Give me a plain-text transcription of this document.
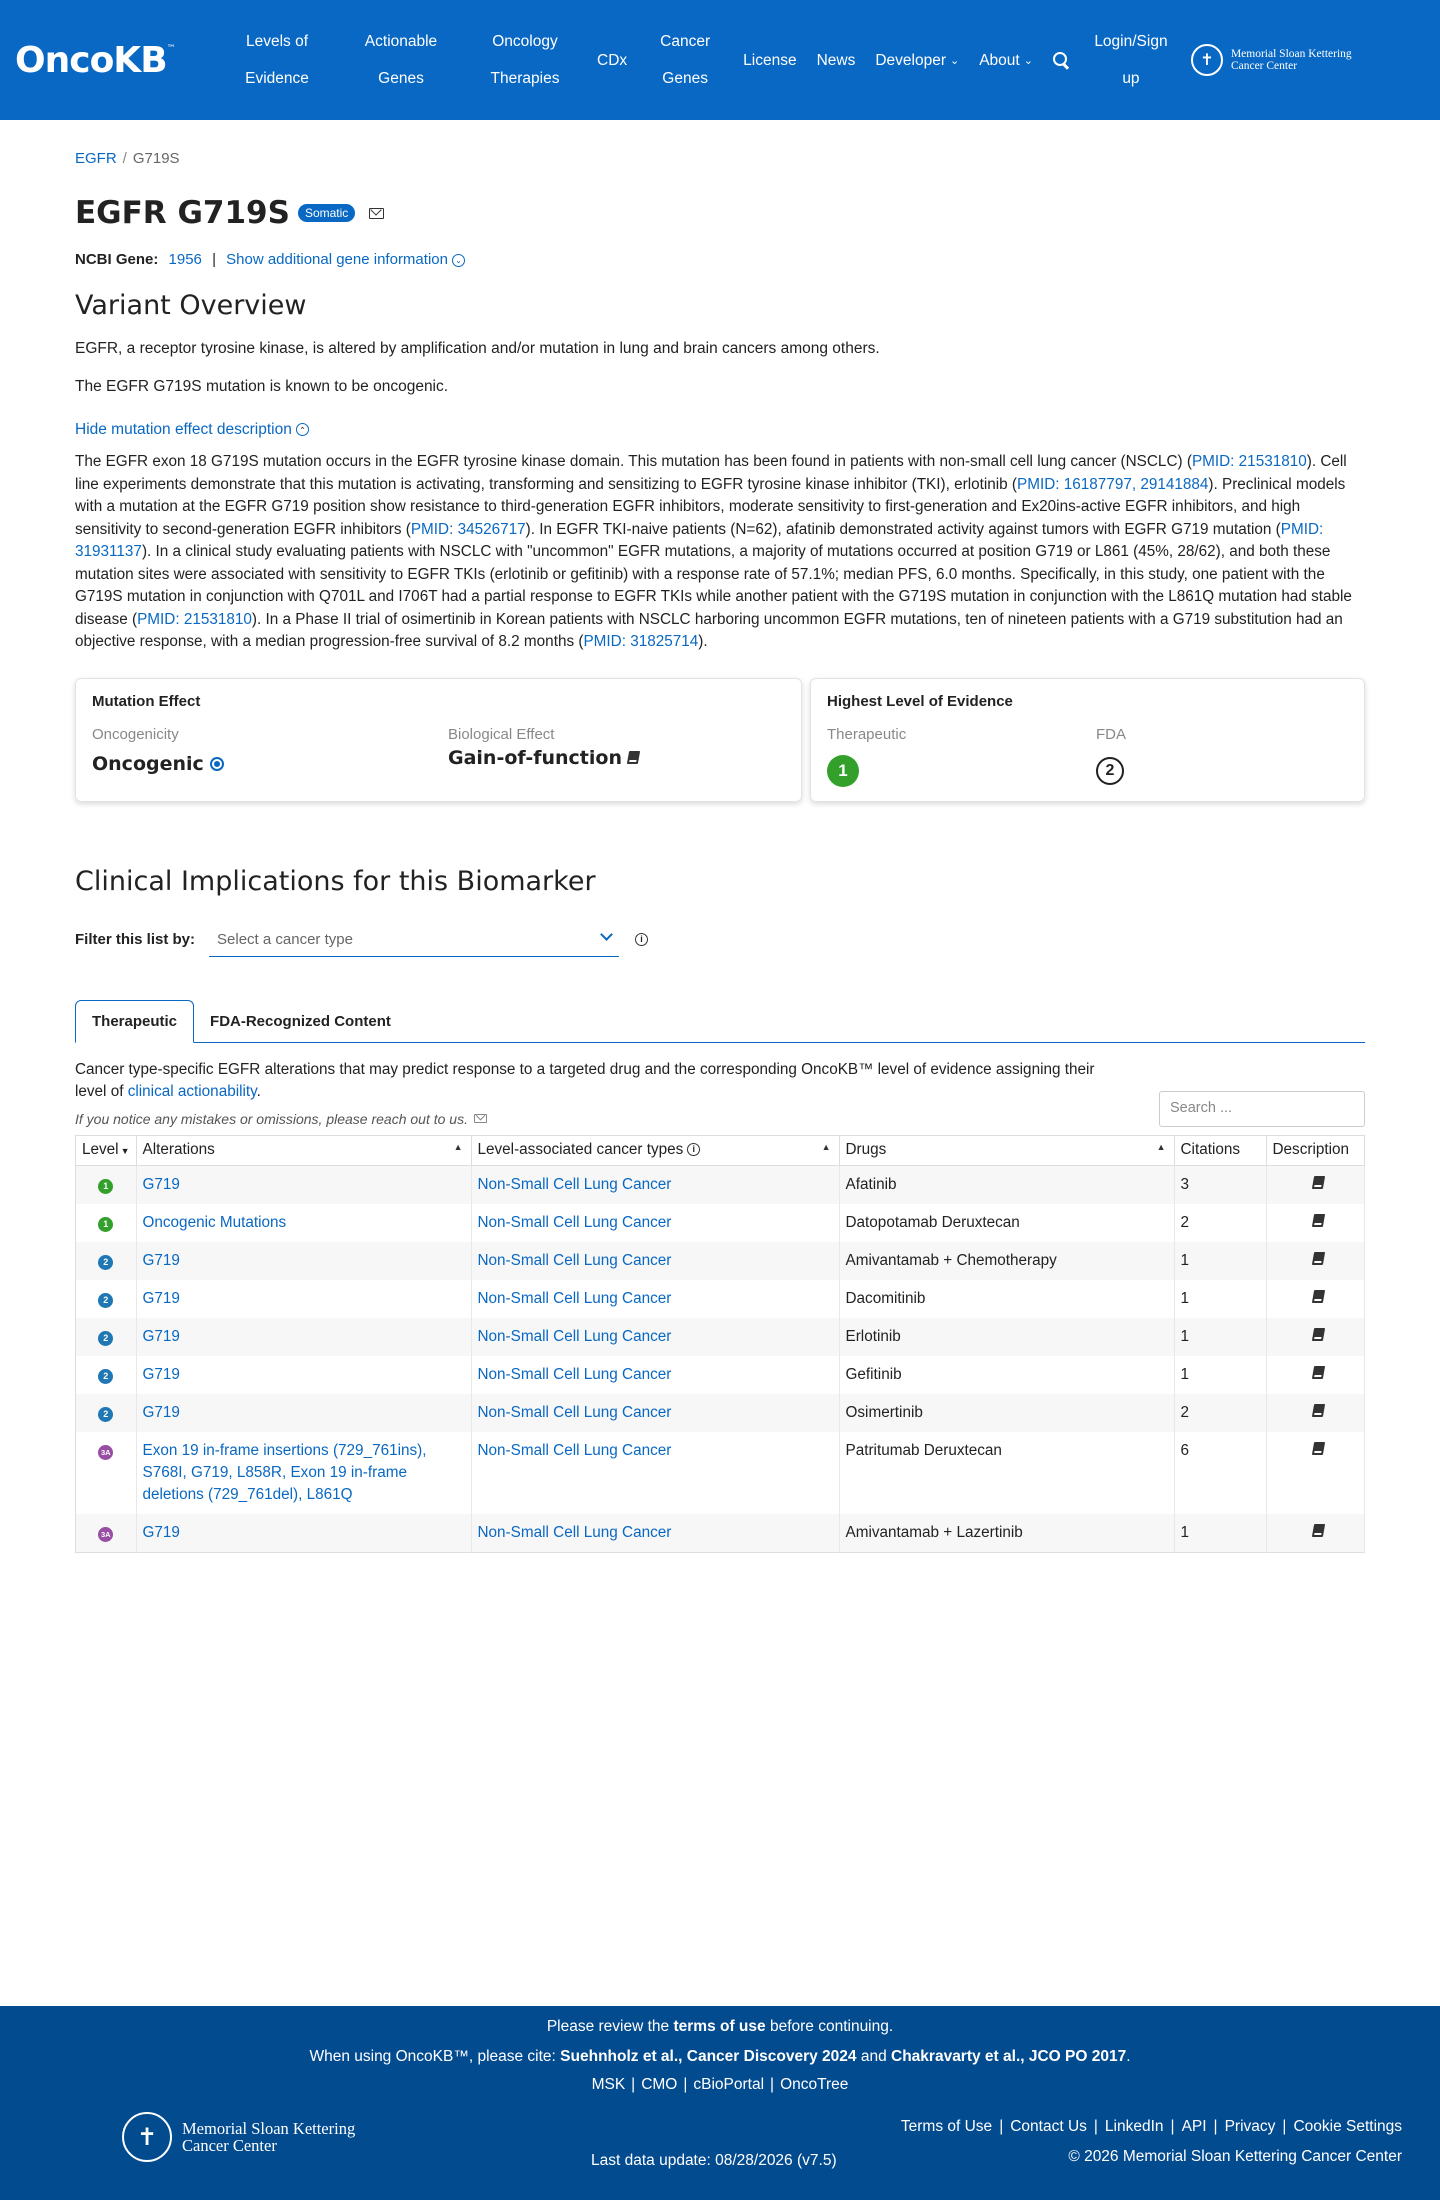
OncoKB™	Levels of
Evidence
Actionable
Genes
Oncology
Therapies
CDx
Cancer
Genes
License	News	Developer ⌄ About ⌄
Login/Sign
up
✝	Memorial Sloan Kettering
Cancer Center
EGFR / G719S
EGFR G719S	Somatic
NCBI Gene: 1956 | Show additional gene information ⌄
Variant Overview

EGFR, a receptor tyrosine kinase, is altered by amplification and/or mutation in lung and brain cancers among others.

The EGFR G719S mutation is known to be oncogenic.

Hide mutation effect description ⌄
The EGFR exon 18 G719S mutation occurs in the EGFR tyrosine kinase domain. This mutation has been found in patients with non-small cell lung cancer (NSCLC) (PMID: 21531810). Cell line experiments demonstrate that this mutation is activating, transforming and sensitizing to EGFR tyrosine kinase inhibitor (TKI), erlotinib (PMID: 16187797, 29141884). Preclinical models with a mutation at the EGFR G719 position show resistance to third-generation EGFR inhibitors, moderate sensitivity to first-generation and Ex20ins-active EGFR inhibitors, and high sensitivity to second-generation EGFR inhibitors (PMID: 34526717). In EGFR TKI-naive patients (N=62), afatinib demonstrated activity against tumors with EGFR G719 mutation (PMID: 31931137). In a clinical study evaluating patients with NSCLC with "uncommon" EGFR mutations, a majority of mutations occurred at position G719 or L861 (45%, 28/62), and both these mutation sites were associated with sensitivity to EGFR TKIs (erlotinib or gefitinib) with a response rate of 57.1%; median PFS, 6.0 months. Specifically, in this study, one patient with the G719S mutation in conjunction with Q701L and I706T had a partial response to EGFR TKIs while another patient with the G719S mutation in conjunction with the L861Q mutation had stable disease (PMID: 21531810). In a Phase II trial of osimertinib in Korean patients with NSCLC harboring uncommon EGFR mutations, ten of nineteen patients with a G719 substitution had an objective response, with a median progression-free survival of 8.2 months (PMID: 31825714).
Mutation Effect
Oncogenicity
Oncogenic
Biological Effect
Gain-of-function
Highest Level of Evidence
Therapeutic
1
FDA
2
Clinical Implications for this Biomarker
Filter this list by:	Select a cancer type	i
Therapeutic	FDA-Recognized Content
Cancer type-specific EGFR alterations that may predict response to a targeted drug and the corresponding OncoKB™ level of evidence assigning their level of clinical actionability.
If you notice any mistakes or omissions, please reach out to us.
Search ...
Level ▼	Alterations ▲	Level-associated cancer types i ▲	Drugs ▲	Citations	Description
1	G719	Non-Small Cell Lung Cancer	Afatinib	3	
1	Oncogenic Mutations	Non-Small Cell Lung Cancer	Datopotamab Deruxtecan	2	
2	G719	Non-Small Cell Lung Cancer	Amivantamab + Chemotherapy	1	
2	G719	Non-Small Cell Lung Cancer	Dacomitinib	1	
2	G719	Non-Small Cell Lung Cancer	Erlotinib	1	
2	G719	Non-Small Cell Lung Cancer	Gefitinib	1	
2	G719	Non-Small Cell Lung Cancer	Osimertinib	2	
3A	Exon 19 in-frame insertions (729_761ins), S768I, G719, L858R, Exon 19 in-frame deletions (729_761del), L861Q	Non-Small Cell Lung Cancer	Patritumab Deruxtecan	6	
3A	G719	Non-Small Cell Lung Cancer	Amivantamab + Lazertinib	1	
Please review the terms of use before continuing.
When using OncoKB™, please cite: Suehnholz et al., Cancer Discovery 2024 and Chakravarty et al., JCO PO 2017.
MSK | CMO | cBioPortal | OncoTree
✝	Memorial Sloan Kettering
Cancer Center
Last data update: 08/28/2026 (v7.5)
Terms of Use | Contact Us | LinkedIn | API | Privacy | Cookie Settings
© 2026 Memorial Sloan Kettering Cancer Center
